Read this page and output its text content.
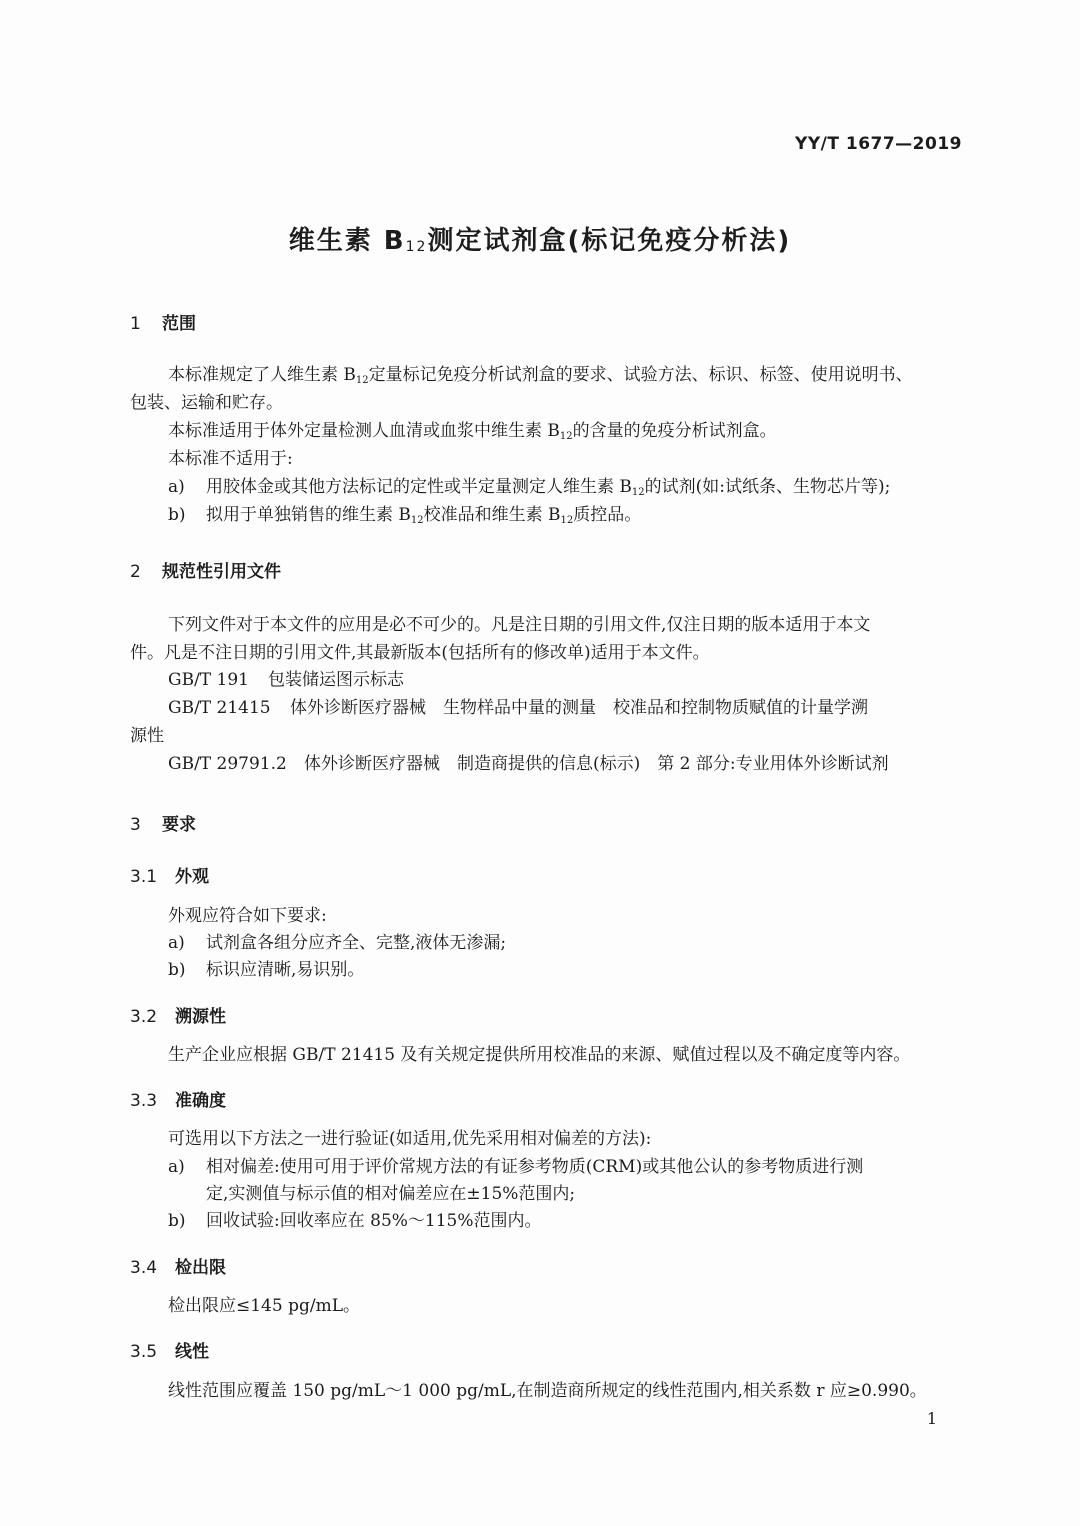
YY/T 1677—2019
维生素 $B_{12}$测定试剂盒(标记免疫分析法)
1 范围
本标准规定了人维生素 $B_{12}$定量标记免疫分析试剂盒的要求、试验方法、标识、标签、使用说明书、
包装、运输和贮存。
本标准适用于体外定量检测人血清或血浆中维生素 $B_{12}$的含量的免疫分析试剂盒。
本标准不适用于:
a) 用胶体金或其他方法标记的定性或半定量测定人维生素 $B_{12}$的试剂(如:试纸条、生物芯片等);
b) 拟用于单独销售的维生素 $B_{12}$校准品和维生素 $B_{12}$质控品。
2 规范性引用文件
下列文件对于本文件的应用是必不可少的。凡是注日期的引用文件,仅注日期的版本适用于本文
件。凡是不注日期的引用文件,其最新版本(包括所有的修改单)适用于本文件。
GB/T 191 包装储运图示标志
GB/T 21415 体外诊断医疗器械　生物样品中量的测量　校准品和控制物质赋值的计量学溯
源性
GB/T 29791.2 体外诊断医疗器械　制造商提供的信息(标示)　第 2 部分:专业用体外诊断试剂
3 要求
3.1 外观
外观应符合如下要求:
a) 试剂盒各组分应齐全、完整,液体无渗漏;
b) 标识应清晰,易识别。
3.2 溯源性
生产企业应根据 GB/T 21415 及有关规定提供所用校准品的来源、赋值过程以及不确定度等内容。
3.3 准确度
可选用以下方法之一进行验证(如适用,优先采用相对偏差的方法):
a) 相对偏差:使用可用于评价常规方法的有证参考物质(CRM)或其他公认的参考物质进行测
定,实测值与标示值的相对偏差应在±15%范围内;
b) 回收试验:回收率应在 85%～115%范围内。
3.4 检出限
检出限应≤145 pg/mL。
3.5 线性
线性范围应覆盖 150 pg/mL～1 000 pg/mL,在制造商所规定的线性范围内,相关系数 r 应≥0.990。
1
